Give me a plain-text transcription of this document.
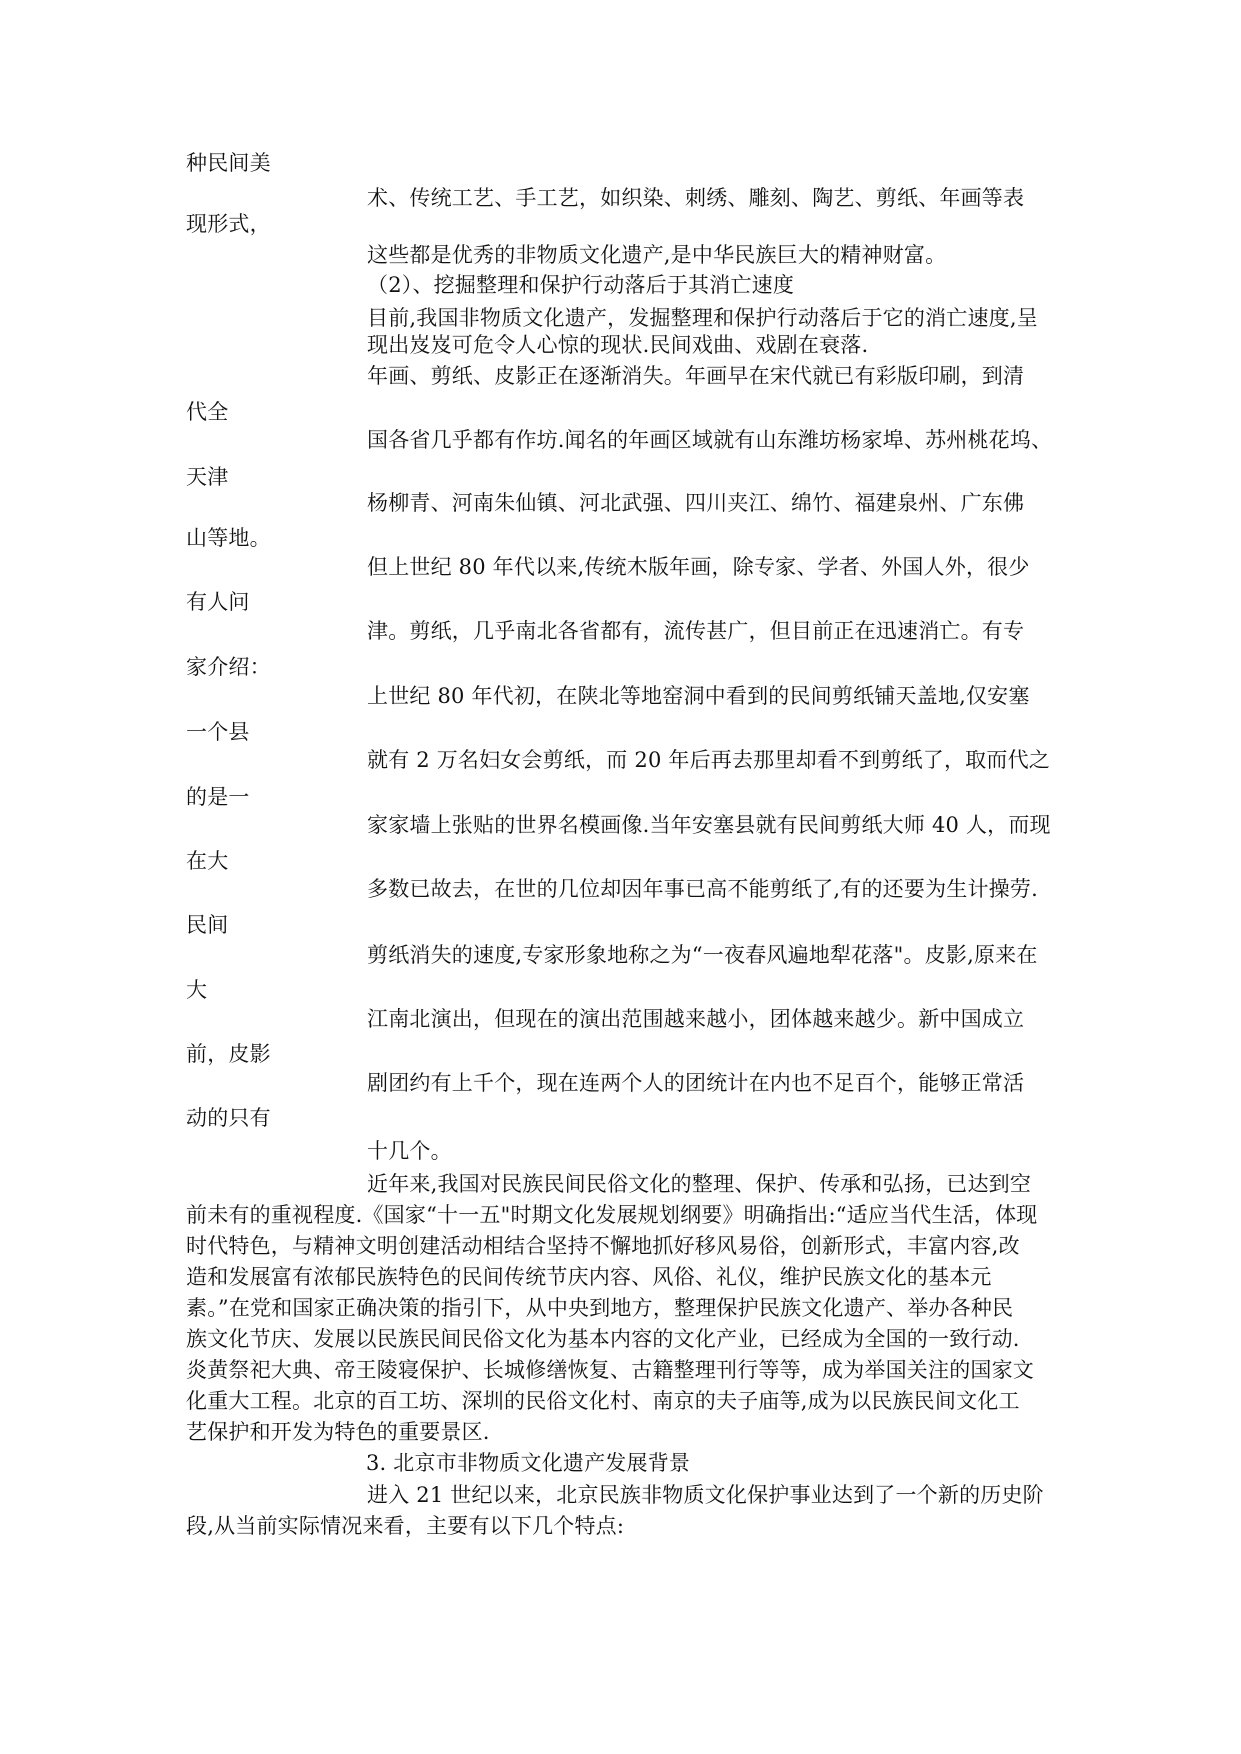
种民间美
术、传统工艺、手工艺，如织染、刺绣、雕刻、陶艺、剪纸、年画等表
现形式，
这些都是优秀的非物质文化遗产,是中华民族巨大的精神财富。
（2）、挖掘整理和保护行动落后于其消亡速度
目前,我国非物质文化遗产，发掘整理和保护行动落后于它的消亡速度,呈
现出岌岌可危令人心惊的现状.民间戏曲、戏剧在衰落.
年画、剪纸、皮影正在逐渐消失。年画早在宋代就已有彩版印刷，到清
代全
国各省几乎都有作坊.闻名的年画区域就有山东潍坊杨家埠、苏州桃花坞、
天津
杨柳青、河南朱仙镇、河北武强、四川夹江、绵竹、福建泉州、广东佛
山等地。
但上世纪 80 年代以来,传统木版年画，除专家、学者、外国人外，很少
有人问
津。剪纸，几乎南北各省都有，流传甚广，但目前正在迅速消亡。有专
家介绍：
上世纪 80 年代初，在陕北等地窑洞中看到的民间剪纸铺天盖地,仅安塞
一个县
就有 2 万名妇女会剪纸，而 20 年后再去那里却看不到剪纸了，取而代之
的是一
家家墙上张贴的世界名模画像.当年安塞县就有民间剪纸大师 40 人，而现
在大
多数已故去，在世的几位却因年事已高不能剪纸了,有的还要为生计操劳.
民间
剪纸消失的速度,专家形象地称之为“一夜春风遍地犁花落"。皮影,原来在
大
江南北演出，但现在的演出范围越来越小，团体越来越少。新中国成立
前，皮影
剧团约有上千个，现在连两个人的团统计在内也不足百个，能够正常活
动的只有
十几个。
近年来,我国对民族民间民俗文化的整理、保护、传承和弘扬，已达到空
前未有的重视程度.《国家“十一五"时期文化发展规划纲要》明确指出:“适应当代生活，体现
时代特色，与精神文明创建活动相结合坚持不懈地抓好移风易俗，创新形式，丰富内容,改
造和发展富有浓郁民族特色的民间传统节庆内容、风俗、礼仪，维护民族文化的基本元
素。”在党和国家正确决策的指引下，从中央到地方，整理保护民族文化遗产、举办各种民
族文化节庆、发展以民族民间民俗文化为基本内容的文化产业，已经成为全国的一致行动.
炎黄祭祀大典、帝王陵寝保护、长城修缮恢复、古籍整理刊行等等，成为举国关注的国家文
化重大工程。北京的百工坊、深圳的民俗文化村、南京的夫子庙等,成为以民族民间文化工
艺保护和开发为特色的重要景区.
3. 北京市非物质文化遗产发展背景
进入 21 世纪以来，北京民族非物质文化保护事业达到了一个新的历史阶
段,从当前实际情况来看，主要有以下几个特点:
